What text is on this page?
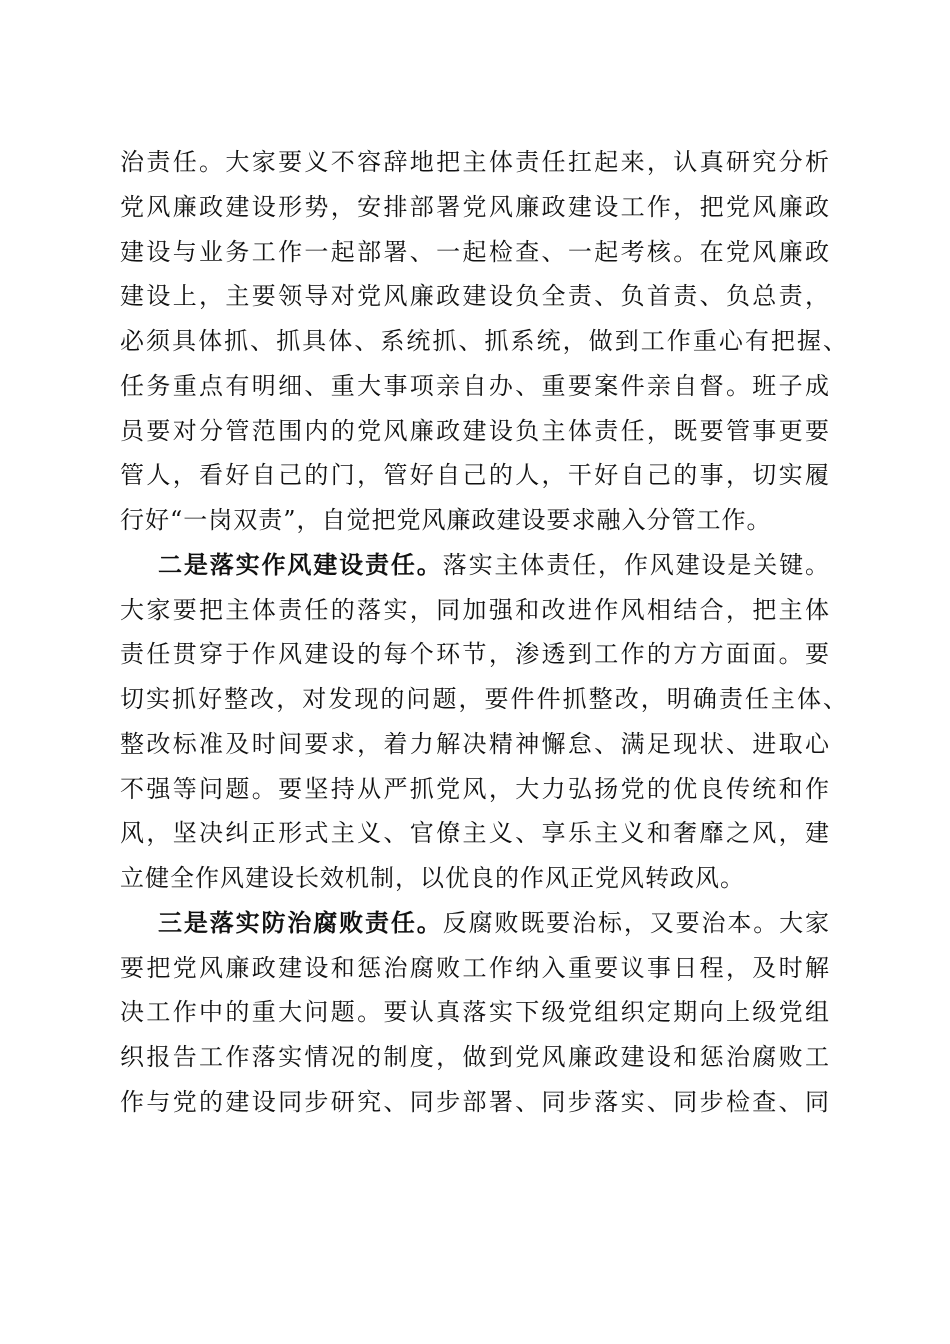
治责任。大家要义不容辞地把主体责任扛起来，认真研究分析
党风廉政建设形势，安排部署党风廉政建设工作，把党风廉政
建设与业务工作一起部署、一起检查、一起考核。在党风廉政
建设上，主要领导对党风廉政建设负全责、负首责、负总责，
必须具体抓、抓具体、系统抓、抓系统，做到工作重心有把握、
任务重点有明细、重大事项亲自办、重要案件亲自督。班子成
员要对分管范围内的党风廉政建设负主体责任，既要管事更要
管人，看好自己的门，管好自己的人，干好自己的事，切实履
行好“一岗双责”，自觉把党风廉政建设要求融入分管工作。
二是落实作风建设责任。落实主体责任，作风建设是关键。
大家要把主体责任的落实，同加强和改进作风相结合，把主体
责任贯穿于作风建设的每个环节，渗透到工作的方方面面。要
切实抓好整改，对发现的问题，要件件抓整改，明确责任主体、
整改标准及时间要求，着力解决精神懈怠、满足现状、进取心
不强等问题。要坚持从严抓党风，大力弘扬党的优良传统和作
风，坚决纠正形式主义、官僚主义、享乐主义和奢靡之风，建
立健全作风建设长效机制，以优良的作风正党风转政风。
三是落实防治腐败责任。反腐败既要治标，又要治本。大家
要把党风廉政建设和惩治腐败工作纳入重要议事日程，及时解
决工作中的重大问题。要认真落实下级党组织定期向上级党组
织报告工作落实情况的制度，做到党风廉政建设和惩治腐败工
作与党的建设同步研究、同步部署、同步落实、同步检查、同
